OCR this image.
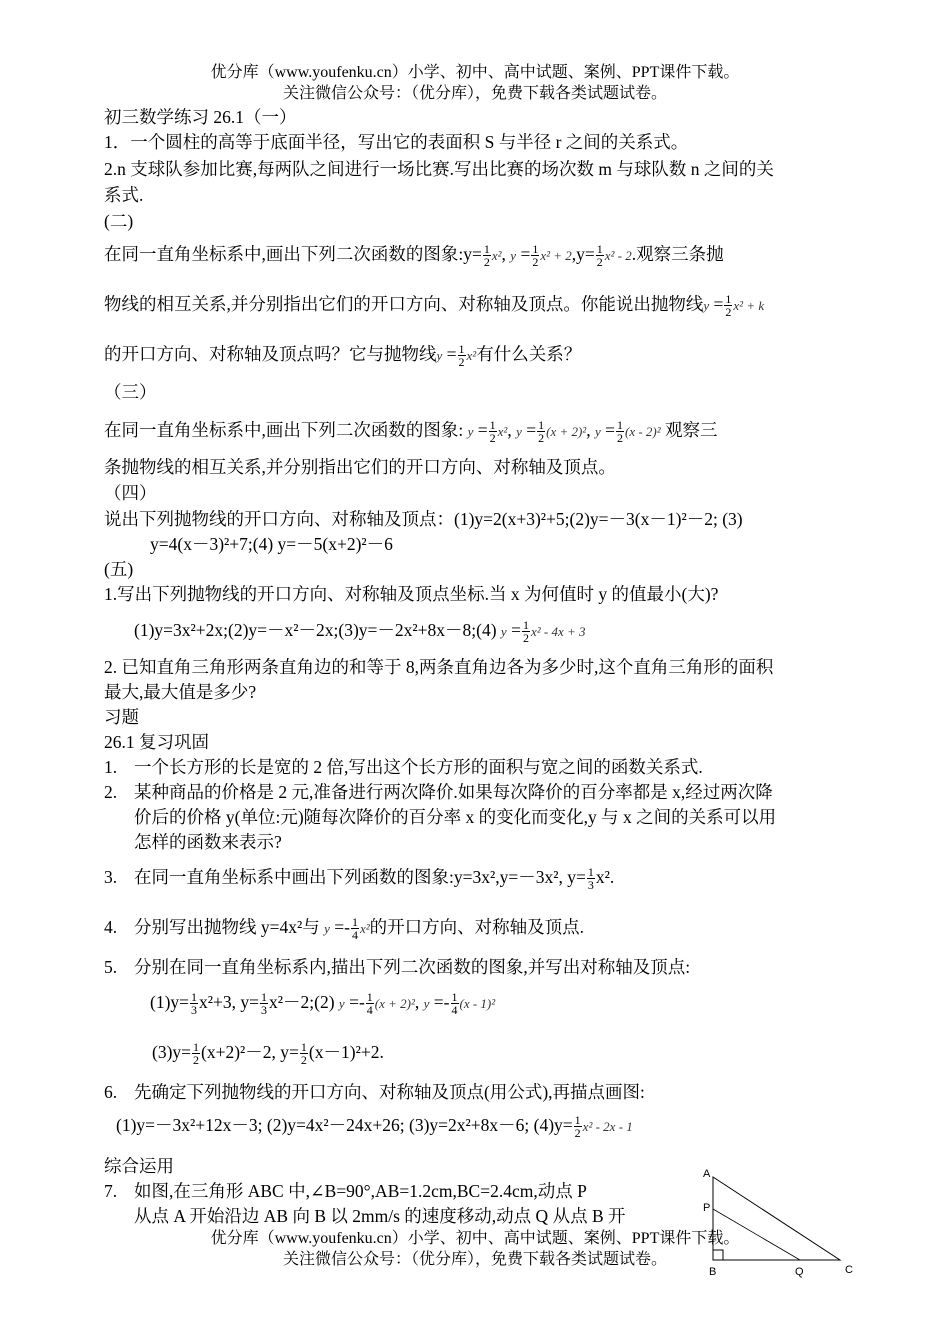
优分库（www.youfenku.cn）小学、初中、高中试题、案例、PPT课件下载。
关注微信公众号：（优分库），免费下载各类试题试卷。
初三数学练习 26.1（一）
1．一个圆柱的高等于底面半径，写出它的表面积 S 与半径 r 之间的关系式。
2.n 支球队参加比赛,每两队之间进行一场比赛.写出比赛的场次数 m 与球队数 n 之间的关
系式.
(二)
在同一直角坐标系中,画出下列二次函数的图象:y= $\frac{1}{2} x^2$, $y = \frac{1}{2} x^2 + 2,y= \frac{1}{2} x^2 - 2$.观察三条抛
物线的相互关系,并分别指出它们的开口方向、对称轴及顶点。你能说出抛物线$y = \frac{1}{2} x^2 + k$
的开口方向、对称轴及顶点吗？它与抛物线$y = \frac{1}{2} x^2$有什么关系？
（三）
在同一直角坐标系中,画出下列二次函数的图象: $y = \frac{1}{2} x^2$, $y = \frac{1}{2} (x + 2)^2$, $y = \frac{1}{2} (x - 2)^2$ 观察三
条抛物线的相互关系,并分别指出它们的开口方向、对称轴及顶点。
（四）
说出下列抛物线的开口方向、对称轴及顶点：(1)y=2(x+3)²+5;(2)y=－3(x－1)²－2; (3)
y=4(x－3)²+7;(4) y=－5(x+2)²－6
(五)
1.写出下列抛物线的开口方向、对称轴及顶点坐标.当 x 为何值时 y 的值最小(大)?
(1)y=3x²+2x;(2)y=－x²－2x;(3)y=－2x²+8x－8;(4) $y = \frac{1}{2} x^2 - 4x + 3$
2. 已知直角三角形两条直角边的和等于 8,两条直角边各为多少时,这个直角三角形的面积
最大,最大值是多少?
习题
26.1 复习巩固
1. 一个长方形的长是宽的 2 倍,写出这个长方形的面积与宽之间的函数关系式.
2. 某种商品的价格是 2 元,准备进行两次降价.如果每次降价的百分率都是 x,经过两次降
价后的价格 y(单位:元)随每次降价的百分率 x 的变化而变化,y 与 x 之间的关系可以用
怎样的函数来表示?
3. 在同一直角坐标系中画出下列函数的图象:y=3x²,y=－3x², $y= \frac{1}{3} x^2$.
4. 分别写出抛物线 y=4x²与 $y =- \frac{1}{4} x^2$的开口方向、对称轴及顶点.
5. 分别在同一直角坐标系内,描出下列二次函数的图象,并写出对称轴及顶点:
$(1)y= \frac{1}{3} x^2+3$, $y= \frac{1}{3}$ x²－2;(2) $y =- \frac{1}{4} (x + 2)^2$, $y =- \frac{1}{4} (x - 1)^2$
$(3)y= \frac{1}{2} (x+2)^2-2$, $y= \frac{1}{2} (x-1)^2+2$.
6. 先确定下列抛物线的开口方向、对称轴及顶点(用公式),再描点画图:
(1)y=－3x²+12x－3; (2)y=4x²－24x+26; (3)y=2x²+8x－6; $(4)y= \frac{1}{2} x^2 - 2x - 1$
综合运用
7. 如图,在三角形 ABC 中,∠B=90°,AB=1.2cm,BC=2.4cm,动点 P
从点 A 开始沿边 AB 向 B 以 2mm/s 的速度移动,动点 Q 从点 B 开
优分库（www.youfenku.cn）小学、初中、高中试题、案例、PPT课件下载。
关注微信公众号：（优分库），免费下载各类试题试卷。
A
P
B	Q	C
